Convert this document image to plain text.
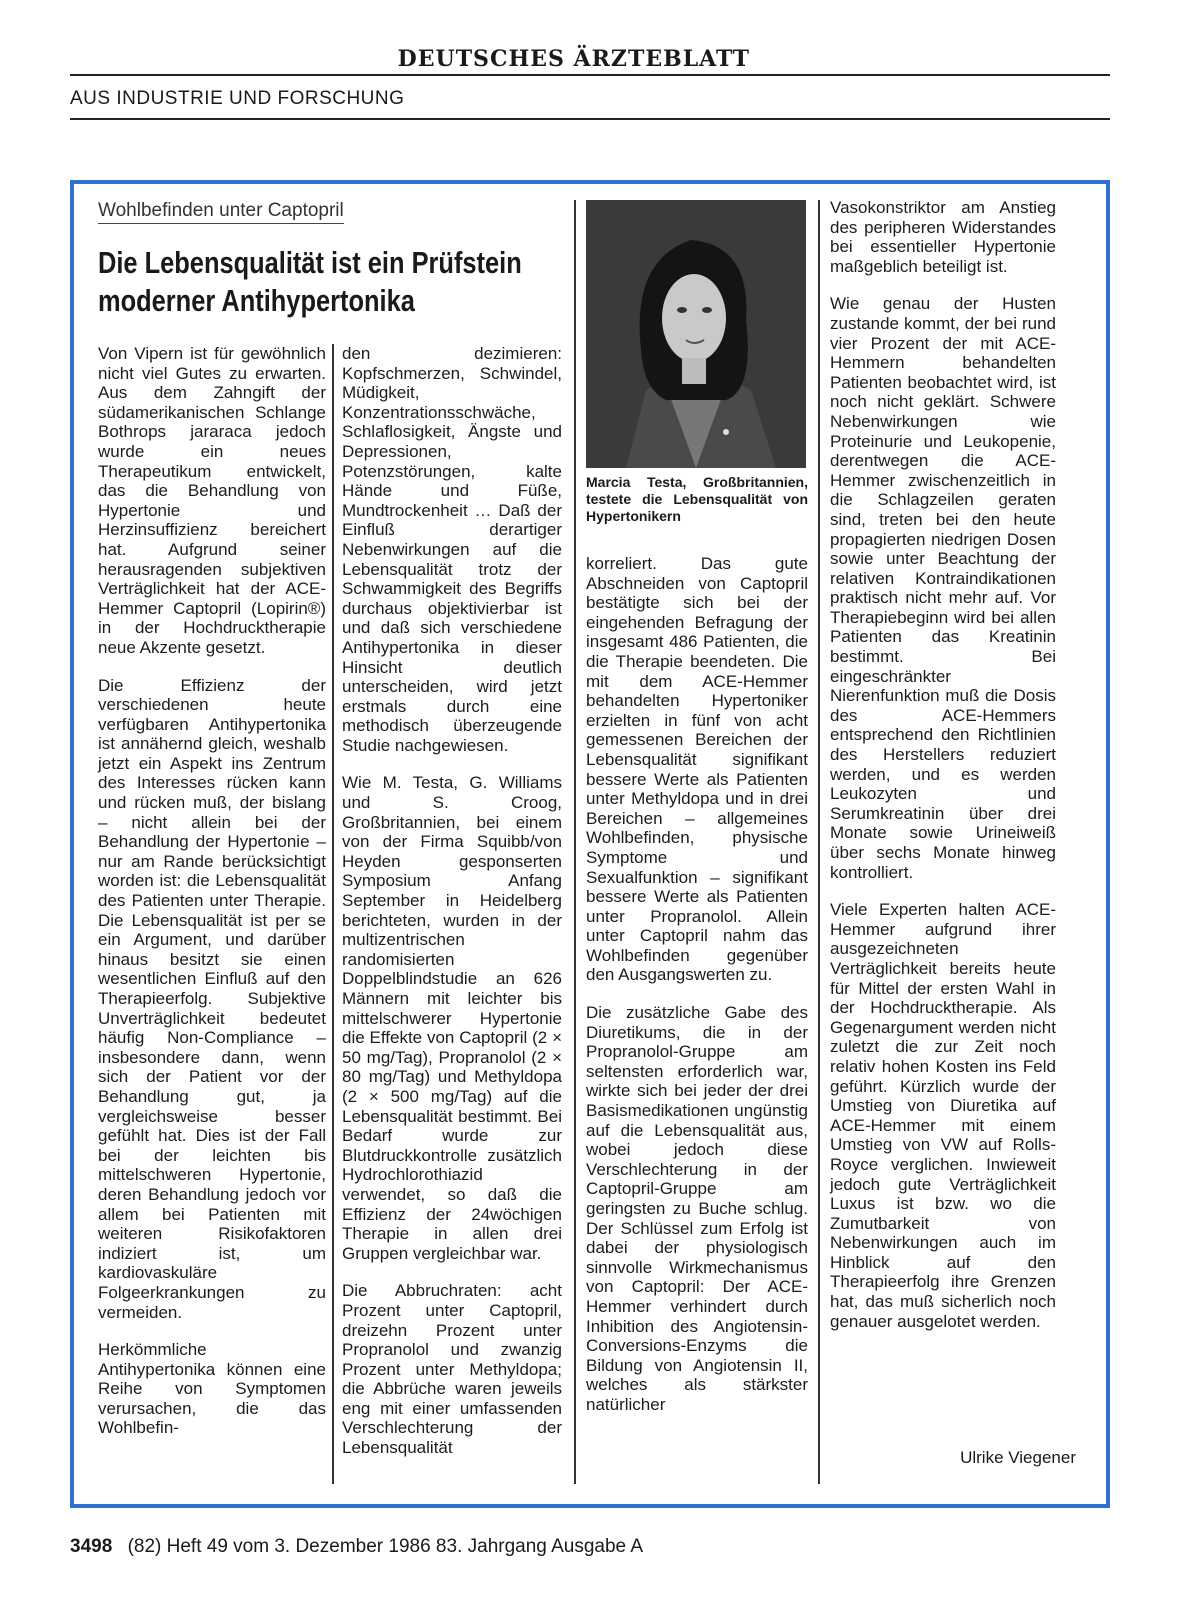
DEUTSCHES ÄRZTEBLATT
AUS INDUSTRIE UND FORSCHUNG
Wohlbefinden unter Captopril
Die Lebensqualität ist ein Prüfstein moderner Antihypertonika

Von Vipern ist für gewöhnlich nicht viel Gutes zu erwarten. Aus dem Zahngift der südamerikanischen Schlange Bothrops jararaca jedoch wurde ein neues Therapeutikum entwickelt, das die Behandlung von Hypertonie und Herzinsuffizienz bereichert hat. Aufgrund seiner herausragenden subjektiven Verträglichkeit hat der ACE-Hemmer Captopril (Lopirin®) in der Hochdrucktherapie neue Akzente gesetzt.

Die Effizienz der verschiedenen heute verfügbaren Antihypertonika ist annähernd gleich, weshalb jetzt ein Aspekt ins Zentrum des Interesses rücken kann und rücken muß, der bislang – nicht allein bei der Behandlung der Hypertonie – nur am Rande berücksichtigt worden ist: die Lebensqualität des Patienten unter Therapie. Die Lebensqualität ist per se ein Argument, und darüber hinaus besitzt sie einen wesentlichen Einfluß auf den Therapieerfolg. Subjektive Unverträglichkeit bedeutet häufig Non-Compliance – insbesondere dann, wenn sich der Patient vor der Behandlung gut, ja vergleichsweise besser gefühlt hat. Dies ist der Fall bei der leichten bis mittelschweren Hypertonie, deren Behandlung jedoch vor allem bei Patienten mit weiteren Risikofaktoren indiziert ist, um kardiovaskuläre Folgeerkrankungen zu vermeiden.

Herkömmliche Antihypertonika können eine Reihe von Symptomen verursachen, die das Wohlbefin-

den dezimieren: Kopfschmerzen, Schwindel, Müdigkeit, Konzentrationsschwäche, Schlaflosigkeit, Ängste und Depressionen, Potenzstörungen, kalte Hände und Füße, Mundtrockenheit … Daß der Einfluß derartiger Nebenwirkungen auf die Lebensqualität trotz der Schwammigkeit des Begriffs durchaus objektivierbar ist und daß sich verschiedene Antihypertonika in dieser Hinsicht deutlich unterscheiden, wird jetzt erstmals durch eine methodisch überzeugende Studie nachgewiesen.

Wie M. Testa, G. Williams und S. Croog, Großbritannien, bei einem von der Firma Squibb/von Heyden gesponserten Symposium Anfang September in Heidelberg berichteten, wurden in der multizentrischen randomisierten Doppelblindstudie an 626 Männern mit leichter bis mittelschwerer Hypertonie die Effekte von Captopril (2 × 50 mg/Tag), Propranolol (2 × 80 mg/Tag) und Methyldopa (2 × 500 mg/Tag) auf die Lebensqualität bestimmt. Bei Bedarf wurde zur Blutdruckkontrolle zusätzlich Hydrochlorothiazid verwendet, so daß die Effizienz der 24wöchigen Therapie in allen drei Gruppen vergleichbar war.

Die Abbruchraten: acht Prozent unter Captopril, dreizehn Prozent unter Propranolol und zwanzig Prozent unter Methyldopa; die Abbrüche waren jeweils eng mit einer umfassenden Verschlechterung der Lebensqualität

Marcia Testa, Großbritannien, testete die Lebensqualität von Hypertonikern

korreliert. Das gute Abschneiden von Captopril bestätigte sich bei der eingehenden Befragung der insgesamt 486 Patienten, die die Therapie beendeten. Die mit dem ACE-Hemmer behandelten Hypertoniker erzielten in fünf von acht gemessenen Bereichen der Lebensqualität signifikant bessere Werte als Patienten unter Methyldopa und in drei Bereichen – allgemeines Wohlbefinden, physische Symptome und Sexualfunktion – signifikant bessere Werte als Patienten unter Propranolol. Allein unter Captopril nahm das Wohlbefinden gegenüber den Ausgangswerten zu.

Die zusätzliche Gabe des Diuretikums, die in der Propranolol-Gruppe am seltensten erforderlich war, wirkte sich bei jeder der drei Basismedikationen ungünstig auf die Lebensqualität aus, wobei jedoch diese Verschlechterung in der Captopril-Gruppe am geringsten zu Buche schlug. Der Schlüssel zum Erfolg ist dabei der physiologisch sinnvolle Wirkmechanismus von Captopril: Der ACE-Hemmer verhindert durch Inhibition des Angiotensin-Conversions-Enzyms die Bildung von Angiotensin II, welches als stärkster natürlicher

Vasokonstriktor am Anstieg des peripheren Widerstandes bei essentieller Hypertonie maßgeblich beteiligt ist.

Wie genau der Husten zustande kommt, der bei rund vier Prozent der mit ACE-Hemmern behandelten Patienten beobachtet wird, ist noch nicht geklärt. Schwere Nebenwirkungen wie Proteinurie und Leukopenie, derentwegen die ACE-Hemmer zwischenzeitlich in die Schlagzeilen geraten sind, treten bei den heute propagierten niedrigen Dosen sowie unter Beachtung der relativen Kontraindikationen praktisch nicht mehr auf. Vor Therapiebeginn wird bei allen Patienten das Kreatinin bestimmt. Bei eingeschränkter Nierenfunktion muß die Dosis des ACE-Hemmers entsprechend den Richtlinien des Herstellers reduziert werden, und es werden Leukozyten und Serumkreatinin über drei Monate sowie Urineiweiß über sechs Monate hinweg kontrolliert.

Viele Experten halten ACE-Hemmer aufgrund ihrer ausgezeichneten Verträglichkeit bereits heute für Mittel der ersten Wahl in der Hochdrucktherapie. Als Gegenargument werden nicht zuletzt die zur Zeit noch relativ hohen Kosten ins Feld geführt. Kürzlich wurde der Umstieg von Diuretika auf ACE-Hemmer mit einem Umstieg von VW auf Rolls-Royce verglichen. Inwieweit jedoch gute Verträglichkeit Luxus ist bzw. wo die Zumutbarkeit von Nebenwirkungen auch im Hinblick auf den Therapieerfolg ihre Grenzen hat, das muß sicherlich noch genauer ausgelotet werden.

Ulrike Viegener
3498 (82) Heft 49 vom 3. Dezember 1986 83. Jahrgang Ausgabe A
